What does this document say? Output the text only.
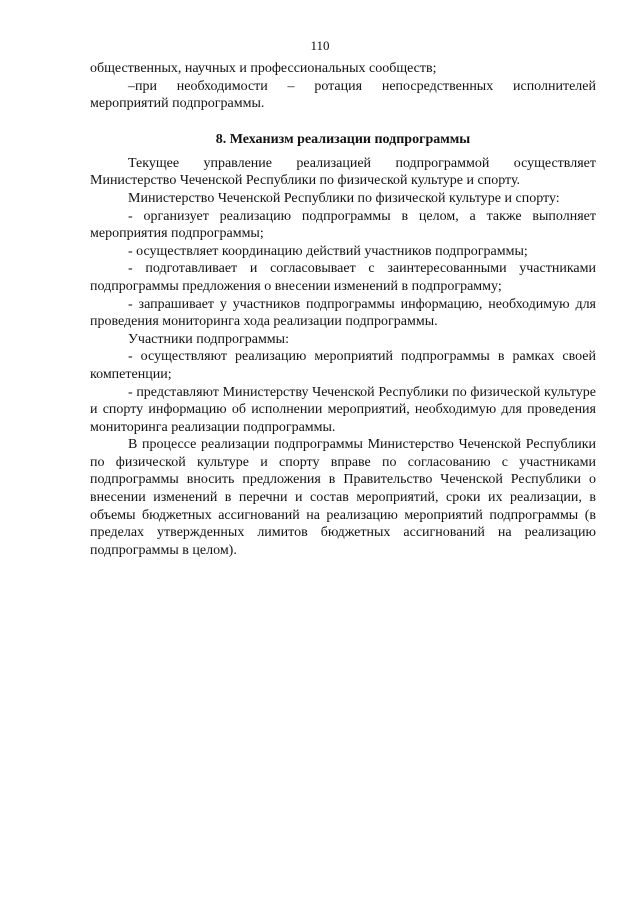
110

общественных, научных и профессиональных сообществ;

–при необходимости – ротация непосредственных исполнителей мероприятий подпрограммы.

8. Механизм реализации подпрограммы

Текущее управление реализацией подпрограммой осуществляет Министерство Чеченской Республики по физической культуре и спорту.

Министерство Чеченской Республики по физической культуре и спорту:

- организует реализацию подпрограммы в целом, а также выполняет мероприятия подпрограммы;

- осуществляет координацию действий участников подпрограммы;

- подготавливает и согласовывает с заинтересованными участниками подпрограммы предложения о внесении изменений в подпрограмму;

- запрашивает у участников подпрограммы информацию, необходимую для проведения мониторинга хода реализации подпрограммы.

Участники подпрограммы:

- осуществляют реализацию мероприятий подпрограммы в рамках своей компетенции;

- представляют Министерству Чеченской Республики по физической культуре и спорту информацию об исполнении мероприятий, необходимую для проведения мониторинга реализации подпрограммы.

В процессе реализации подпрограммы Министерство Чеченской Республики по физической культуре и спорту вправе по согласованию с участниками подпрограммы вносить предложения в Правительство Чеченской Республики о внесении изменений в перечни и состав мероприятий, сроки их реализации, в объемы бюджетных ассигнований на реализацию мероприятий подпрограммы (в пределах утвержденных лимитов бюджетных ассигнований на реализацию подпрограммы в целом).
